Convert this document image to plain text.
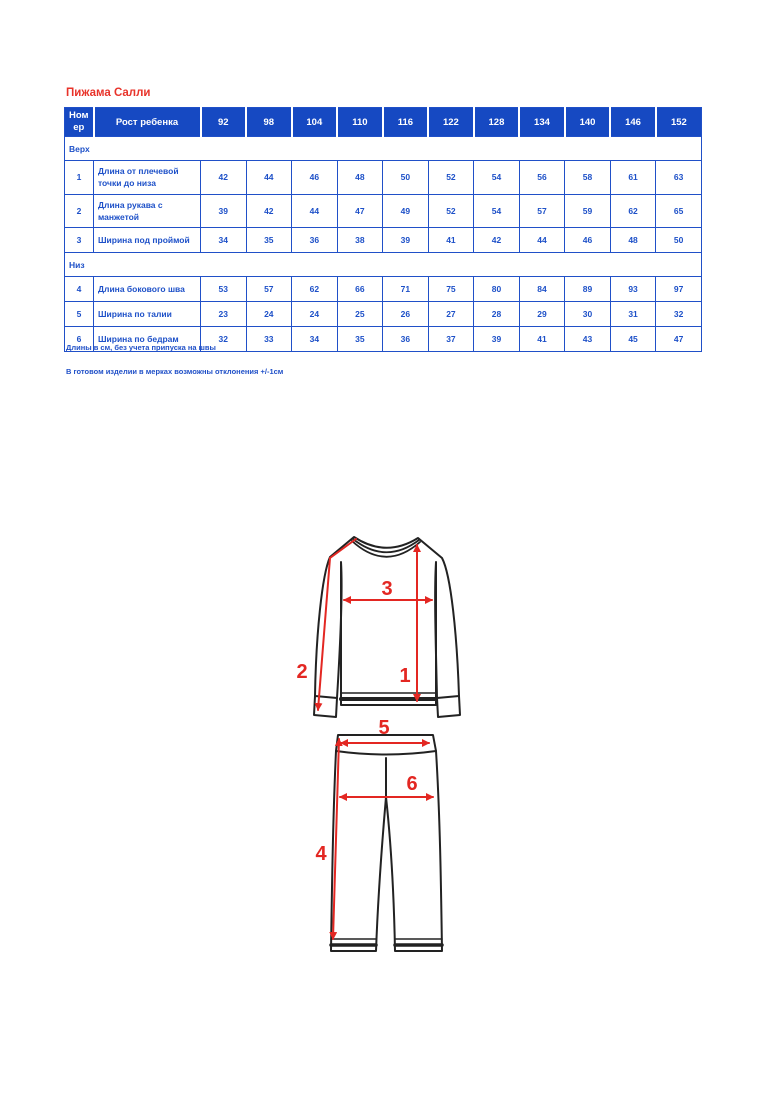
Пижама Салли
Номер	Рост ребенка	92	98	104	110	116	122	128	134	140	146	152
Верх												
1	Длина от плечевой точки до низа	42	44	46	48	50	52	54	56	58	61	63
2	Длина рукава с манжетой	39	42	44	47	49	52	54	57	59	62	65
3	Ширина под проймой	34	35	36	38	39	41	42	44	46	48	50
Низ												
4	Длина бокового шва	53	57	62	66	71	75	80	84	89	93	97
5	Ширина по талии	23	24	24	25	26	27	28	29	30	31	32
6	Ширина по бедрам	32	33	34	35	36	37	39	41	43	45	47
Длины в см, без учета припуска на швы
В готовом изделии в мерках возможны отклонения +/-1см
1
2
3
4
5
6
